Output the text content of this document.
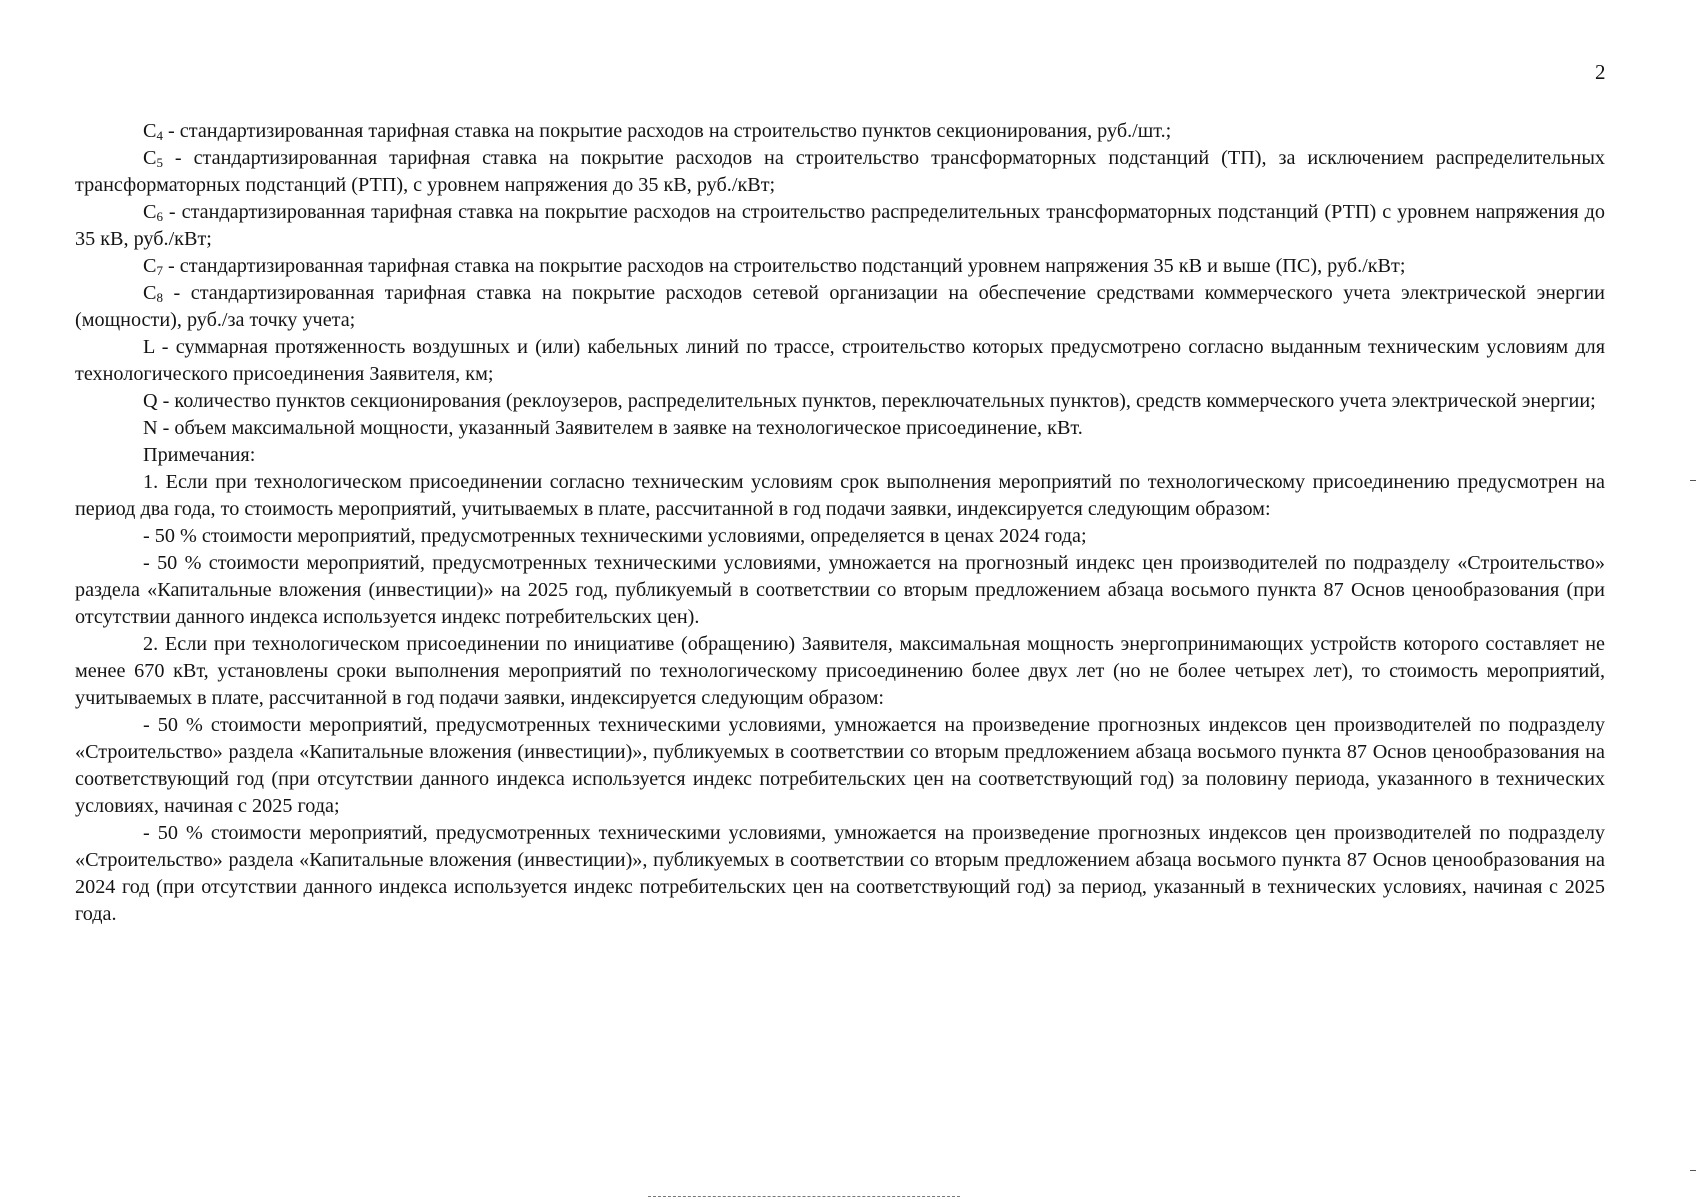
2

$C_4$ - стандартизированная тарифная ставка на покрытие расходов на строительство пунктов секционирования, руб./шт.;

$C_5$ - стандартизированная тарифная ставка на покрытие расходов на строительство трансформаторных подстанций (ТП), за исключением распределительных трансформаторных подстанций (РТП), с уровнем напряжения до 35 кВ, руб./кВт;

$C_6$ - стандартизированная тарифная ставка на покрытие расходов на строительство распределительных трансформаторных подстанций (РТП) с уровнем напряжения до 35 кВ, руб./кВт;

$C_7$ - стандартизированная тарифная ставка на покрытие расходов на строительство подстанций уровнем напряжения 35 кВ и выше (ПС), руб./кВт;

$C_8$ - стандартизированная тарифная ставка на покрытие расходов сетевой организации на обеспечение средствами коммерческого учета электрической энергии (мощности), руб./за точку учета;

L - суммарная протяженность воздушных и (или) кабельных линий по трассе, строительство которых предусмотрено согласно выданным техническим условиям для технологического присоединения Заявителя, км;

Q - количество пунктов секционирования (реклоузеров, распределительных пунктов, переключательных пунктов), средств коммерческого учета электрической энергии;

N - объем максимальной мощности, указанный Заявителем в заявке на технологическое присоединение, кВт.

Примечания:

1. Если при технологическом присоединении согласно техническим условиям срок выполнения мероприятий по технологическому присоединению предусмотрен на период два года, то стоимость мероприятий, учитываемых в плате, рассчитанной в год подачи заявки, индексируется следующим образом:

- 50 % стоимости мероприятий, предусмотренных техническими условиями, определяется в ценах 2024 года;

- 50 % стоимости мероприятий, предусмотренных техническими условиями, умножается на прогнозный индекс цен производителей по подразделу «Строительство» раздела «Капитальные вложения (инвестиции)» на 2025 год, публикуемый в соответствии со вторым предложением абзаца восьмого пункта 87 Основ ценообразования (при отсутствии данного индекса используется индекс потребительских цен).

2. Если при технологическом присоединении по инициативе (обращению) Заявителя, максимальная мощность энергопринимающих устройств которого составляет не менее 670 кВт, установлены сроки выполнения мероприятий по технологическому присоединению более двух лет (но не более четырех лет), то стоимость мероприятий, учитываемых в плате, рассчитанной в год подачи заявки, индексируется следующим образом:

- 50 % стоимости мероприятий, предусмотренных техническими условиями, умножается на произведение прогнозных индексов цен производителей по подразделу «Строительство» раздела «Капитальные вложения (инвестиции)», публикуемых в соответствии со вторым предложением абзаца восьмого пункта 87 Основ ценообразования на соответствующий год (при отсутствии данного индекса используется индекс потребительских цен на соответствующий год) за половину периода, указанного в технических условиях, начиная с 2025 года;

- 50 % стоимости мероприятий, предусмотренных техническими условиями, умножается на произведение прогнозных индексов цен производителей по подразделу «Строительство» раздела «Капитальные вложения (инвестиции)», публикуемых в соответствии со вторым предложением абзаца восьмого пункта 87 Основ ценообразования на 2024 год (при отсутствии данного индекса используется индекс потребительских цен на соответствующий год) за период, указанный в технических условиях, начиная с 2025 года.
